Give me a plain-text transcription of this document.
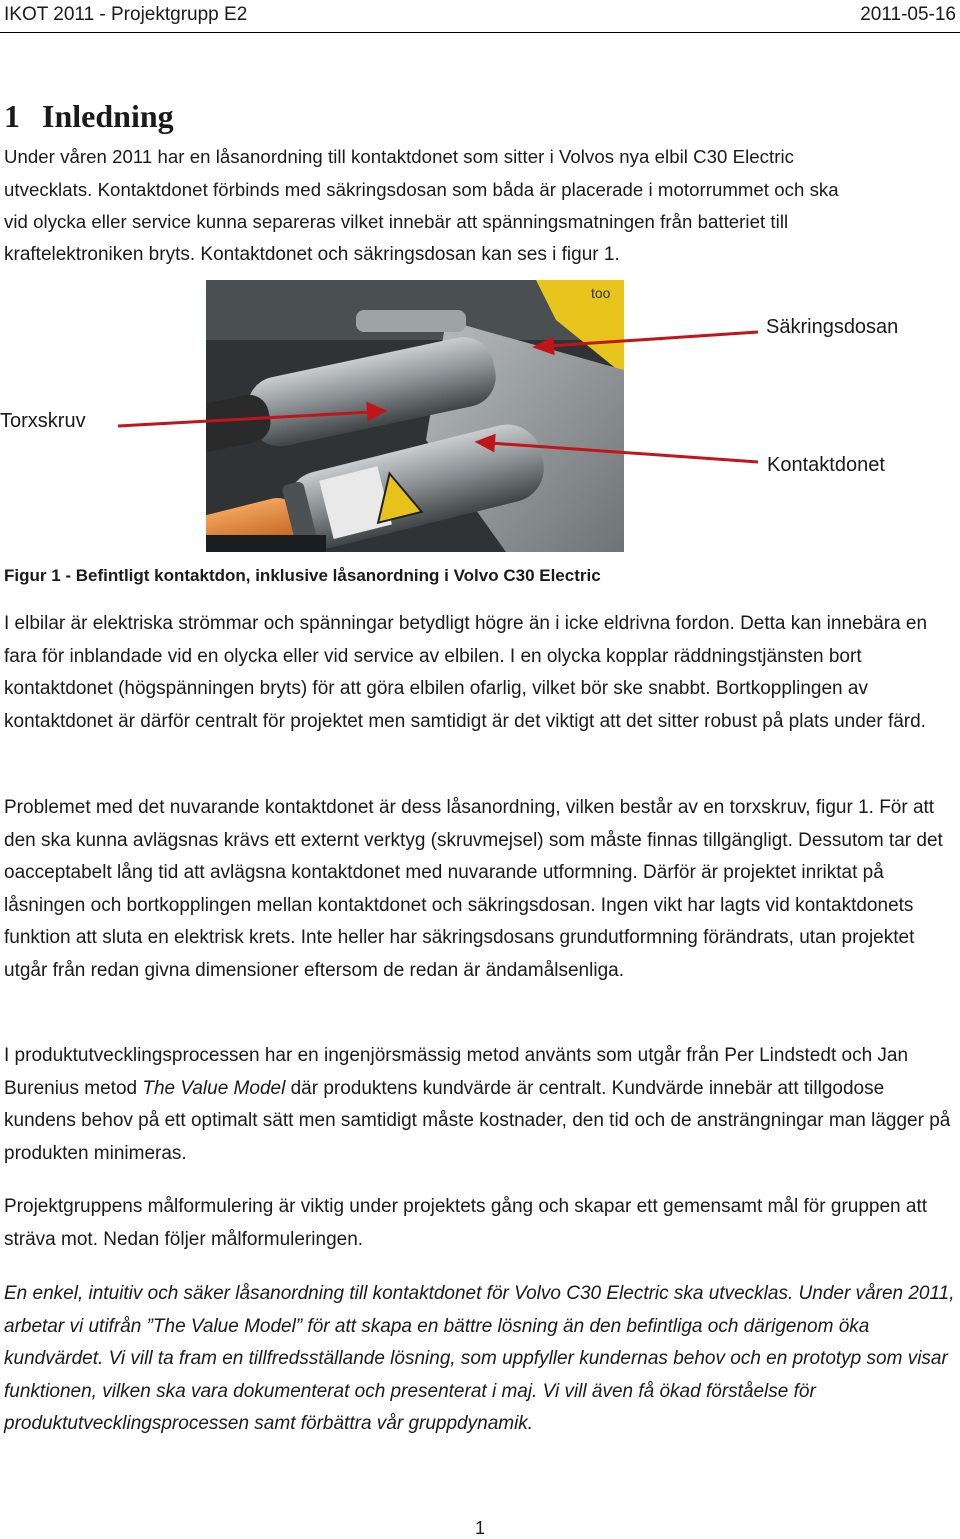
IKOT 2011 - Projektgrupp E2	2011-05-16
1 Inledning
Under våren 2011 har en låsanordning till kontaktdonet som sitter i Volvos nya elbil C30 Electric
utvecklats. Kontaktdonet förbinds med säkringsdosan som båda är placerade i motorrummet och ska
vid olycka eller service kunna separeras vilket innebär att spänningsmatningen från batteriet till
kraftelektroniken bryts. Kontaktdonet och säkringsdosan kan ses i figur 1.
too
Säkringsdosan
Torxskruv
Kontaktdonet
Figur 1 - Befintligt kontaktdon, inklusive låsanordning i Volvo C30 Electric

I elbilar är elektriska strömmar och spänningar betydligt högre än i icke eldrivna fordon. Detta kan innebära en fara för inblandade vid en olycka eller vid service av elbilen. I en olycka kopplar räddningstjänsten bort kontaktdonet (högspänningen bryts) för att göra elbilen ofarlig, vilket bör ske snabbt. Bortkopplingen av kontaktdonet är därför centralt för projektet men samtidigt är det viktigt att det sitter robust på plats under färd.

Problemet med det nuvarande kontaktdonet är dess låsanordning, vilken består av en torxskruv, figur 1. För att den ska kunna avlägsnas krävs ett externt verktyg (skruvmejsel) som måste finnas tillgängligt. Dessutom tar det oacceptabelt lång tid att avlägsna kontaktdonet med nuvarande utformning. Därför är projektet inriktat på låsningen och bortkopplingen mellan kontaktdonet och säkringsdosan. Ingen vikt har lagts vid kontaktdonets funktion att sluta en elektrisk krets. Inte heller har säkringsdosans grundutformning förändrats, utan projektet utgår från redan givna dimensioner eftersom de redan är ändamålsenliga.

I produktutvecklingsprocessen har en ingenjörsmässig metod använts som utgår från Per Lindstedt och Jan Burenius metod The Value Model där produktens kundvärde är centralt. Kundvärde innebär att tillgodose kundens behov på ett optimalt sätt men samtidigt måste kostnader, den tid och de ansträngningar man lägger på produkten minimeras.

Projektgruppens målformulering är viktig under projektets gång och skapar ett gemensamt mål för gruppen att sträva mot. Nedan följer målformuleringen.

En enkel, intuitiv och säker låsanordning till kontaktdonet för Volvo C30 Electric ska utvecklas. Under våren 2011, arbetar vi utifrån ”The Value Model” för att skapa en bättre lösning än den befintliga och därigenom öka kundvärdet. Vi vill ta fram en tillfredsställande lösning, som uppfyller kundernas behov och en prototyp som visar funktionen, vilken ska vara dokumenterat och presenterat i maj. Vi vill även få ökad förståelse för produktutvecklingsprocessen samt förbättra vår gruppdynamik.

1
